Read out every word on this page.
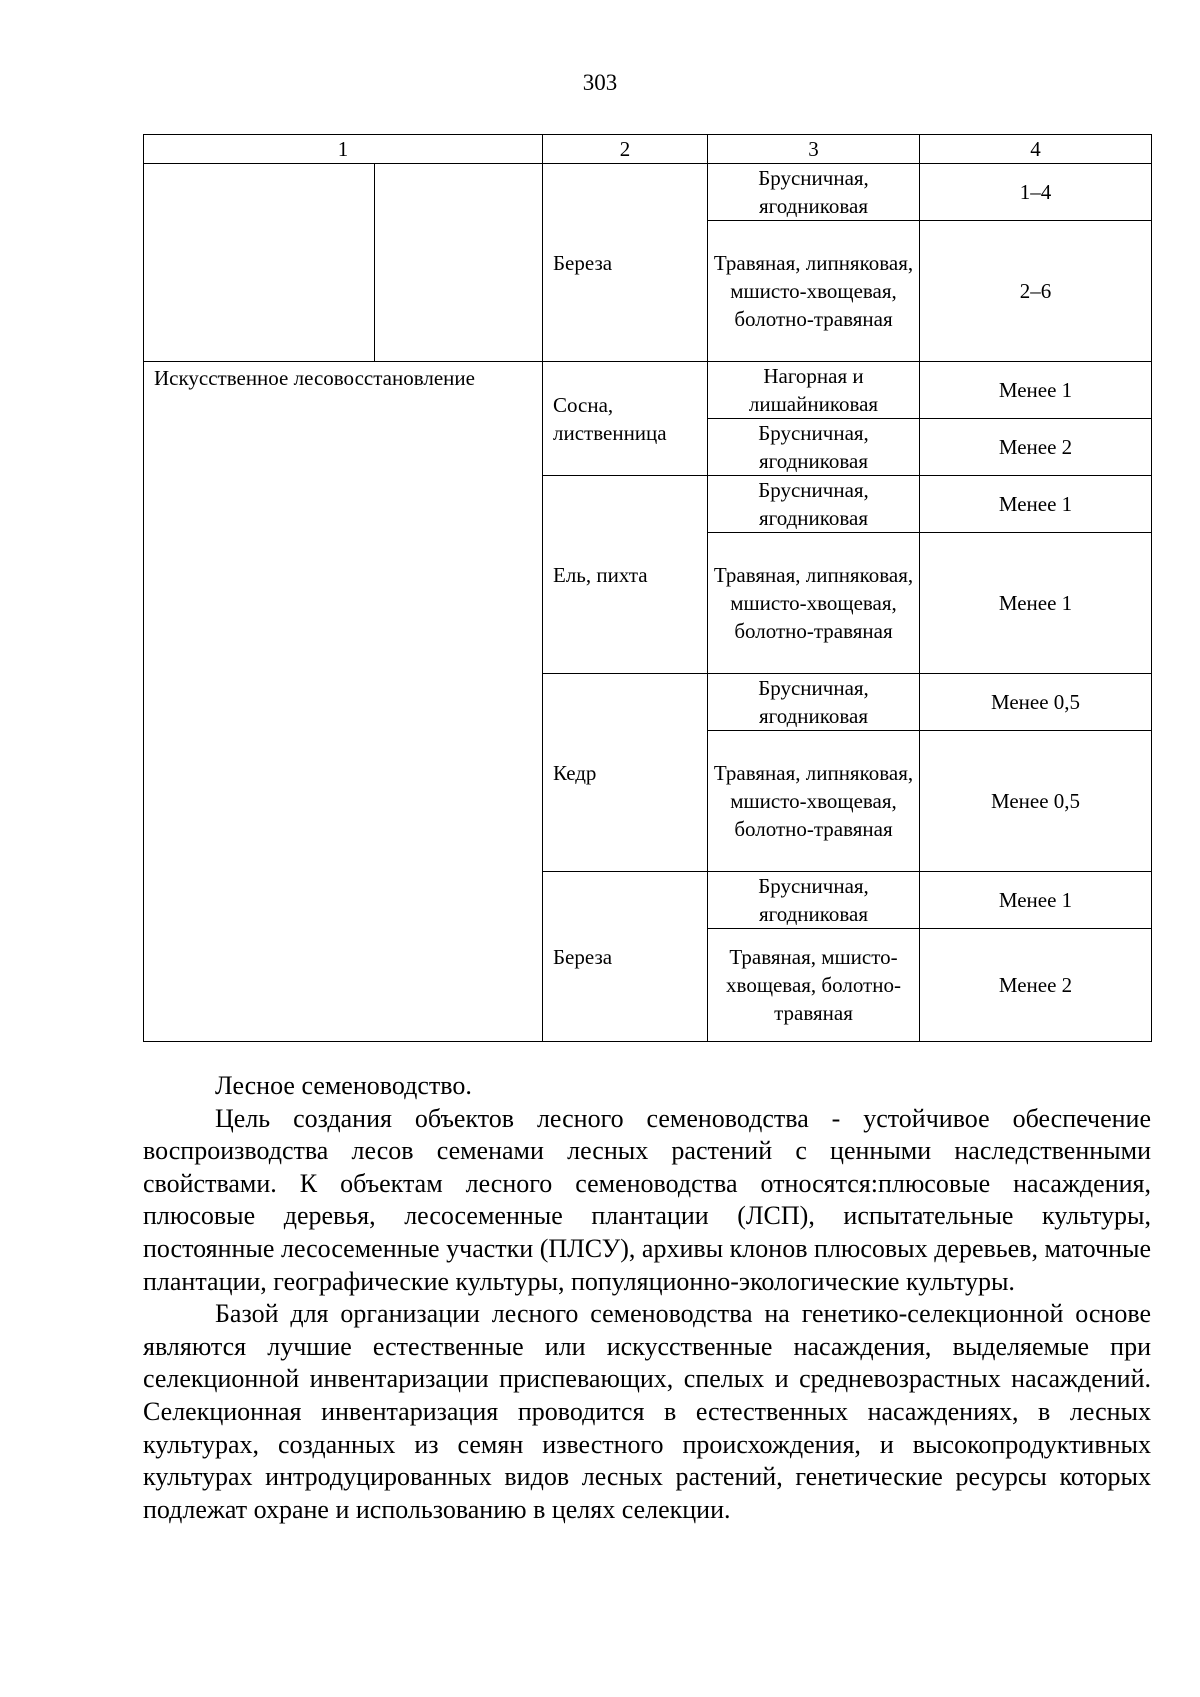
303
1		2	3	4
		Береза	Брусничная, ягодниковая	1–4
			Травяная, липняковая, мшисто-хвощевая, болотно-травяная	2–6
Искусственное лесовосстановление		Сосна, лиственница	Нагорная и лишайниковая	Менее 1
			Брусничная, ягодниковая	Менее 2
		Ель, пихта	Брусничная, ягодниковая	Менее 1
			Травяная, липняковая, мшисто-хвощевая, болотно-травяная	Менее 1
		Кедр	Брусничная, ягодниковая	Менее 0,5
			Травяная, липняковая, мшисто-хвощевая, болотно-травяная	Менее 0,5
		Береза	Брусничная, ягодниковая	Менее 1
			Травяная, мшисто-хвощевая, болотно-травяная	Менее 2

Лесное семеноводство.

Цель создания объектов лесного семеноводства - устойчивое обеспечение воспроизводства лесов семенами лесных растений с ценными наследственными свойствами. К объектам лесного семеноводства относятся:плюсовые насаждения, плюсовые деревья, лесосеменные плантации (ЛСП), испытательные культуры, постоянные лесосеменные участки (ПЛСУ), архивы клонов плюсовых деревьев, маточные плантации, географические культуры, популяционно-экологические культуры.

Базой для организации лесного семеноводства на генетико-селекционной основе являются лучшие естественные или искусственные насаждения, выделяемые при селекционной инвентаризации приспевающих, спелых и средневозрастных насаждений. Селекционная инвентаризация проводится в естественных насаждениях, в лесных культурах, созданных из семян известного происхождения, и высокопродуктивных культурах интродуцированных видов лесных растений, генетические ресурсы которых подлежат охране и использованию в целях селекции.
